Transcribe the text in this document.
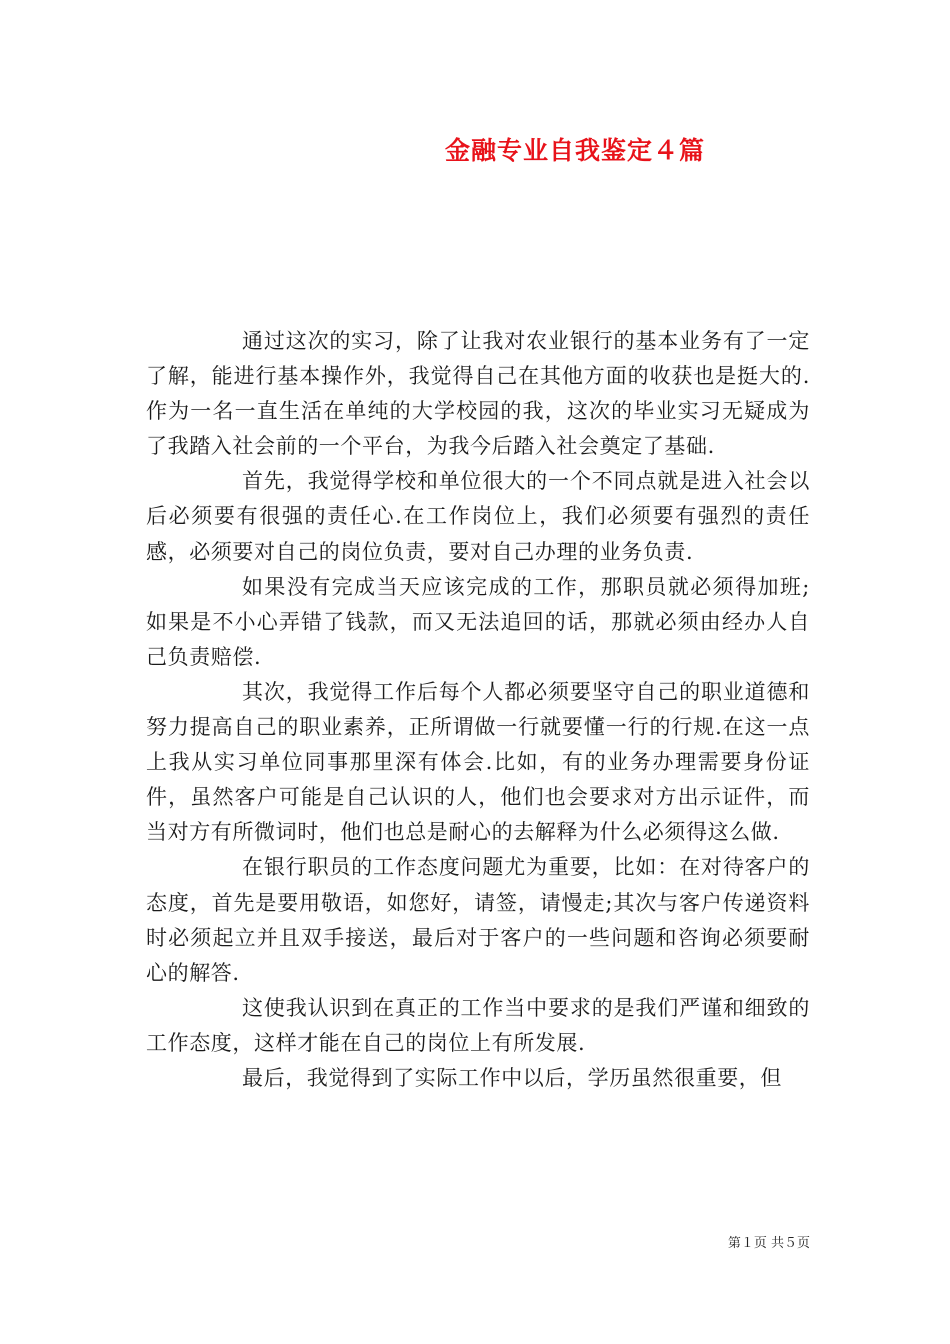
金融专业自我鉴定４篇

通过这次的实习，除了让我对农业银行的基本业务有了一定了解，能进行基本操作外，我觉得自己在其他方面的收获也是挺大的.作为一名一直生活在单纯的大学校园的我，这次的毕业实习无疑成为了我踏入社会前的一个平台，为我今后踏入社会奠定了基础.

首先，我觉得学校和单位很大的一个不同点就是进入社会以后必须要有很强的责任心.在工作岗位上，我们必须要有强烈的责任感，必须要对自己的岗位负责，要对自己办理的业务负责.

如果没有完成当天应该完成的工作，那职员就必须得加班;如果是不小心弄错了钱款，而又无法追回的话，那就必须由经办人自己负责赔偿.

其次，我觉得工作后每个人都必须要坚守自己的职业道德和努力提高自己的职业素养，正所谓做一行就要懂一行的行规.在这一点上我从实习单位同事那里深有体会.比如，有的业务办理需要身份证件，虽然客户可能是自己认识的人，他们也会要求对方出示证件，而当对方有所微词时，他们也总是耐心的去解释为什么必须得这么做.

在银行职员的工作态度问题尤为重要，比如：在对待客户的态度，首先是要用敬语，如您好，请签，请慢走;其次与客户传递资料时必须起立并且双手接送，最后对于客户的一些问题和咨询必须要耐心的解答.

这使我认识到在真正的工作当中要求的是我们严谨和细致的工作态度，这样才能在自己的岗位上有所发展.

最后，我觉得到了实际工作中以后，学历虽然很重要，但

第１页 共５页
